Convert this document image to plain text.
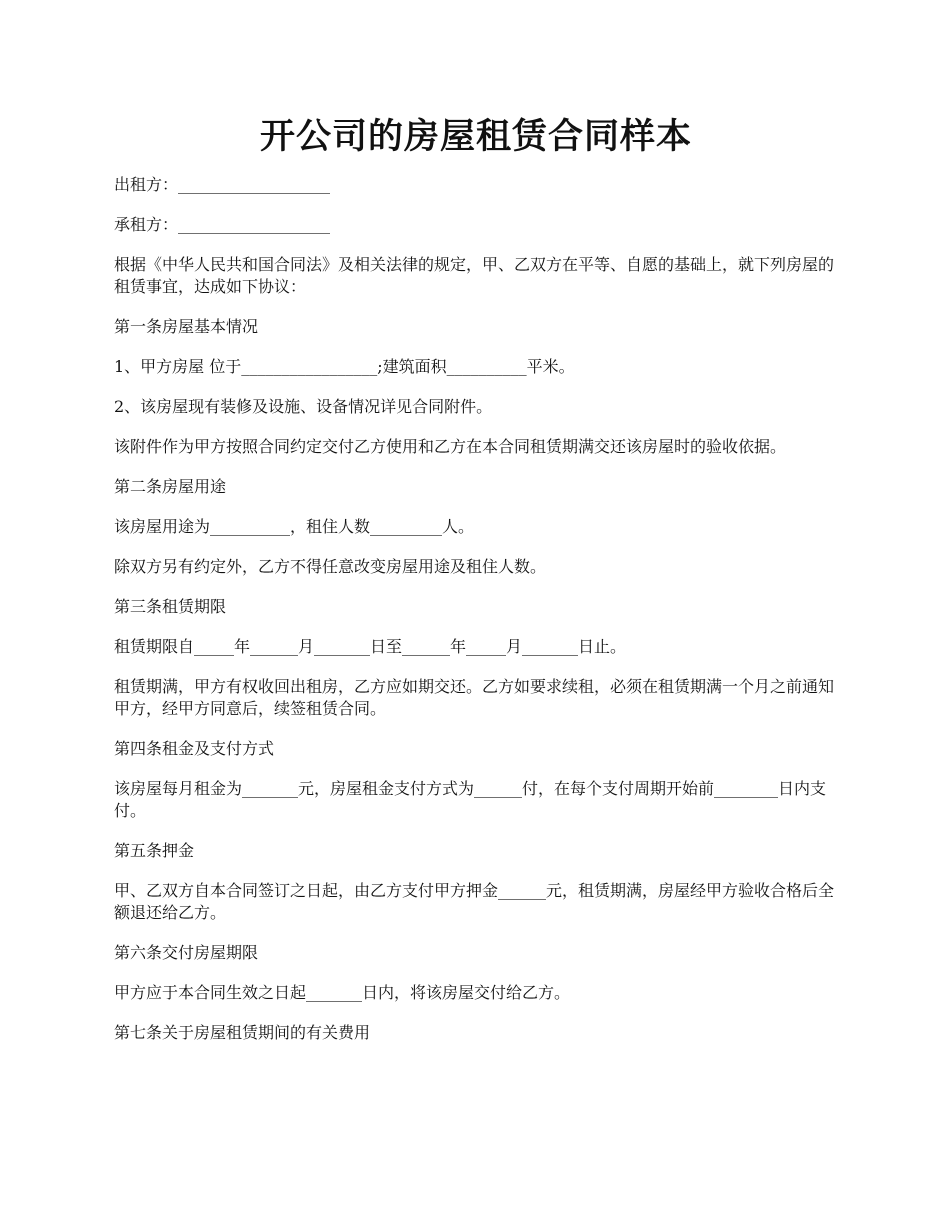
开公司的房屋租赁合同样本

出租方：___________________

承租方：___________________

根据《中华人民共和国合同法》及相关法律的规定，甲、乙双方在平等、自愿的基础上，就下列房屋的租赁事宜，达成如下协议：

第一条房屋基本情况

1、甲方房屋 位于_________________;建筑面积__________平米。

2、该房屋现有装修及设施、设备情况详见合同附件。

该附件作为甲方按照合同约定交付乙方使用和乙方在本合同租赁期满交还该房屋时的验收依据。

第二条房屋用途

该房屋用途为__________，租住人数_________人。

除双方另有约定外，乙方不得任意改变房屋用途及租住人数。

第三条租赁期限

租赁期限自_____年______月_______日至______年_____月_______日止。

租赁期满，甲方有权收回出租房，乙方应如期交还。乙方如要求续租，必须在租赁期满一个月之前通知甲方，经甲方同意后，续签租赁合同。

第四条租金及支付方式

该房屋每月租金为_______元，房屋租金支付方式为______付，在每个支付周期开始前________日内支付。

第五条押金

甲、乙双方自本合同签订之日起，由乙方支付甲方押金______元，租赁期满，房屋经甲方验收合格后全额退还给乙方。

第六条交付房屋期限

甲方应于本合同生效之日起_______日内，将该房屋交付给乙方。

第七条关于房屋租赁期间的有关费用
